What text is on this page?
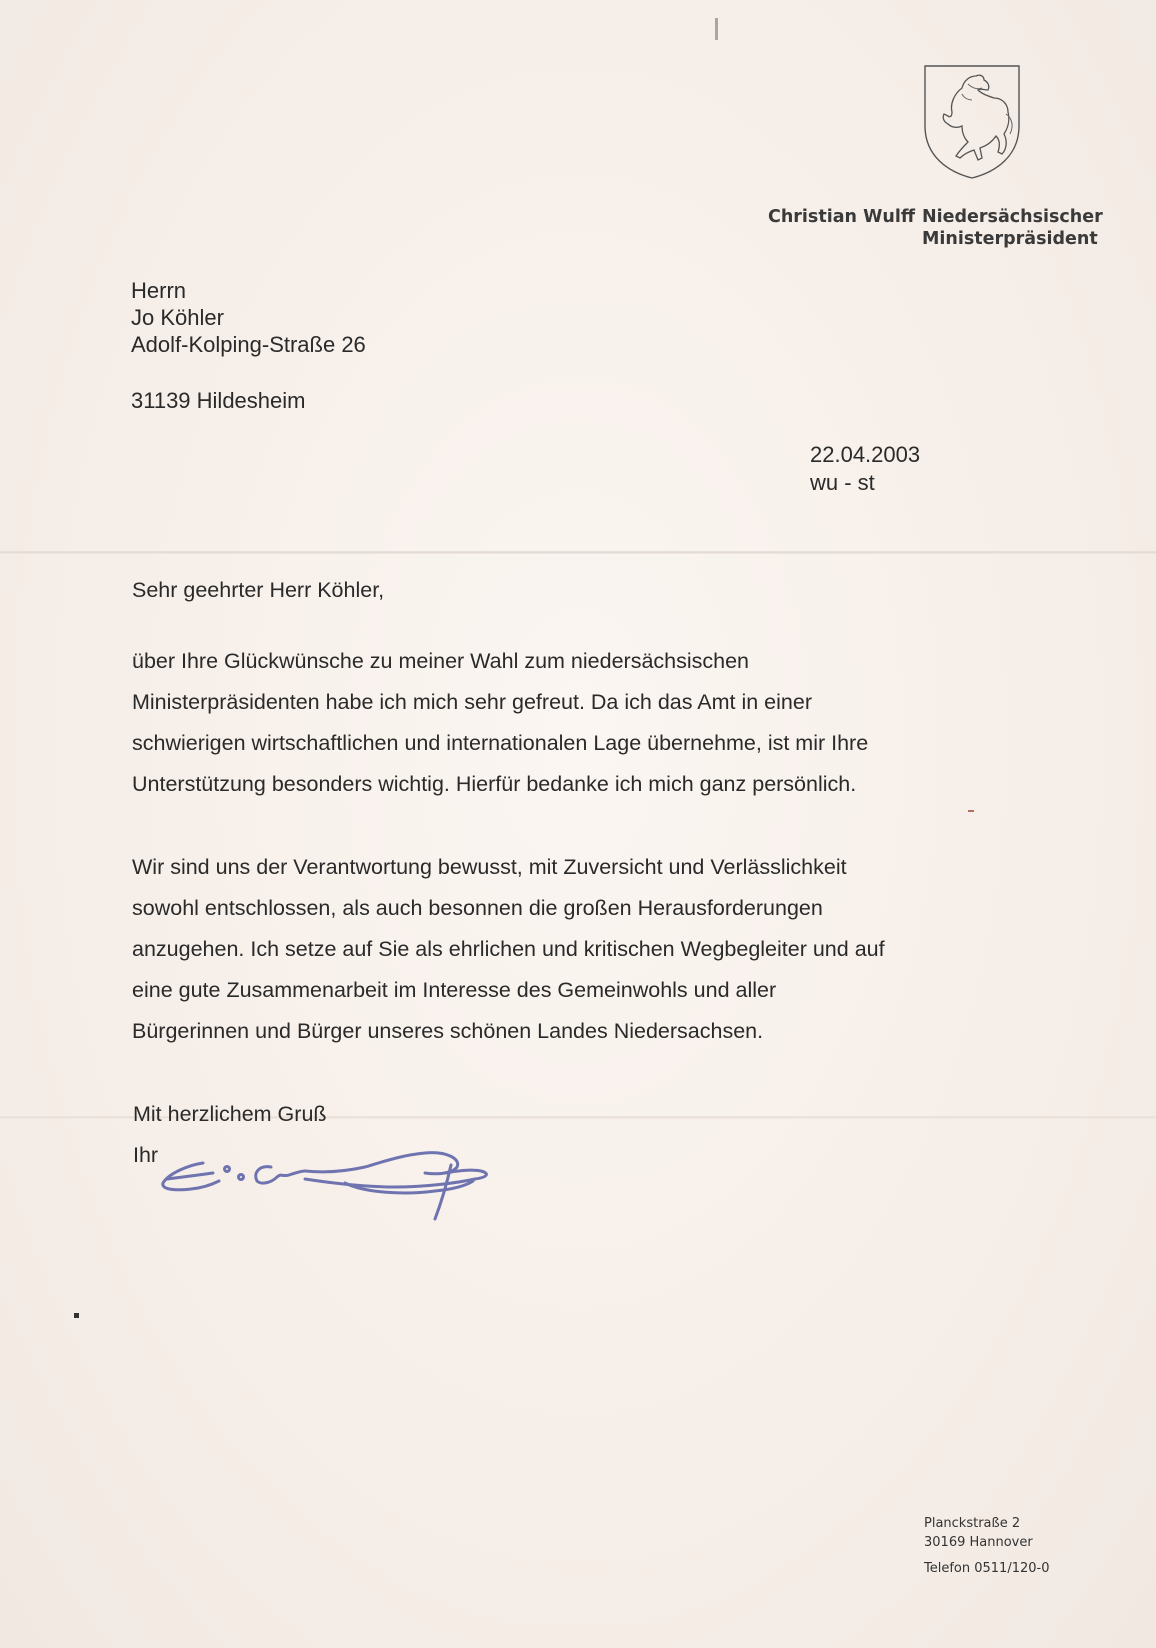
Christian Wulff Niedersächsischer
Ministerpräsident
Herrn
Jo Köhler
Adolf-Kolping-Straße 26
31139 Hildesheim
22.04.2003
wu - st
Sehr geehrter Herr Köhler,
über Ihre Glückwünsche zu meiner Wahl zum niedersächsischen
Ministerpräsidenten habe ich mich sehr gefreut. Da ich das Amt in einer
schwierigen wirtschaftlichen und internationalen Lage übernehme, ist mir Ihre
Unterstützung besonders wichtig. Hierfür bedanke ich mich ganz persönlich.
Wir sind uns der Verantwortung bewusst, mit Zuversicht und Verlässlichkeit
sowohl entschlossen, als auch besonnen die großen Herausforderungen
anzugehen. Ich setze auf Sie als ehrlichen und kritischen Wegbegleiter und auf
eine gute Zusammenarbeit im Interesse des Gemeinwohls und aller
Bürgerinnen und Bürger unseres schönen Landes Niedersachsen.
Mit herzlichem Gruß
Ihr
Planckstraße 2
30169 Hannover
Telefon 0511/120-0
